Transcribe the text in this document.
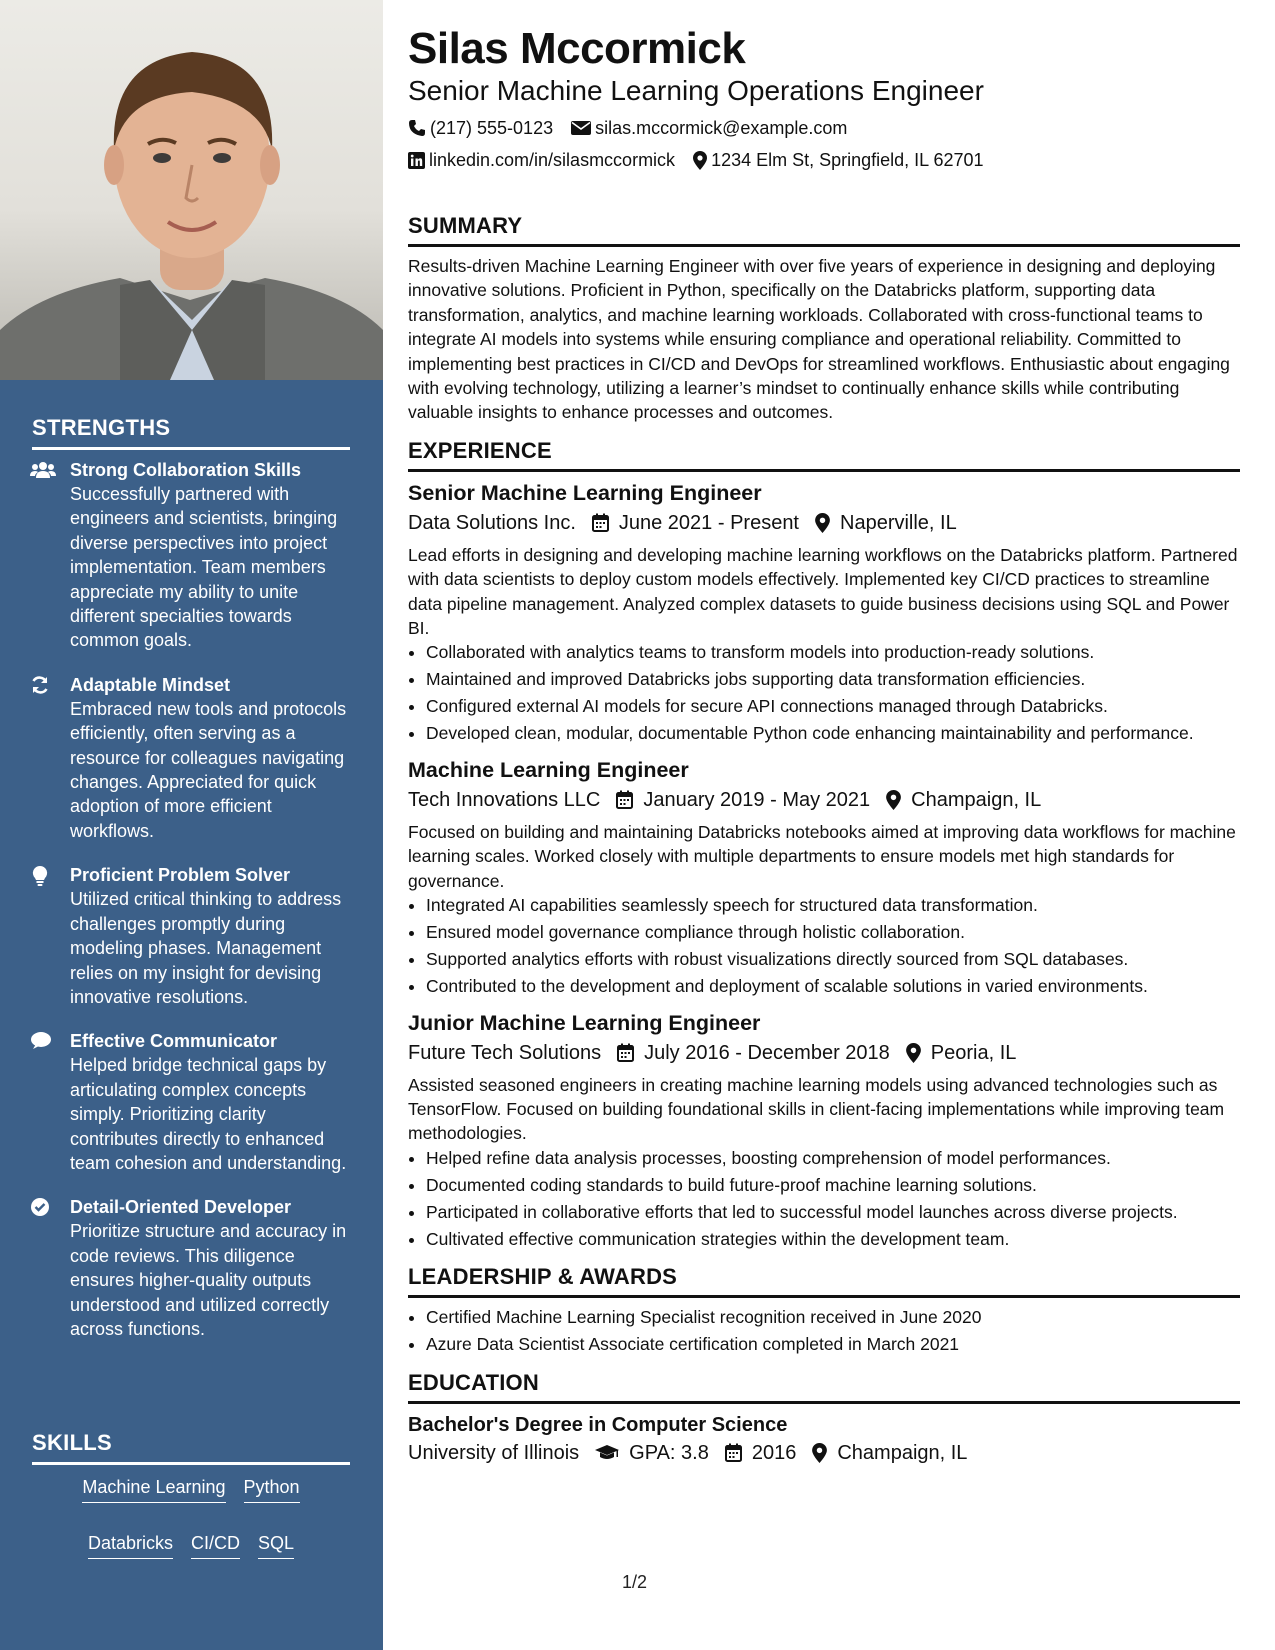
STRENGTHS
Strong Collaboration Skills
Successfully partnered with engineers and scientists, bringing diverse perspectives into project implementation. Team members appreciate my ability to unite different specialties towards common goals.
Adaptable Mindset
Embraced new tools and protocols efficiently, often serving as a resource for colleagues navigating changes. Appreciated for quick adoption of more efficient workflows.
Proficient Problem Solver
Utilized critical thinking to address challenges promptly during modeling phases. Management relies on my insight for devising innovative resolutions.
Effective Communicator
Helped bridge technical gaps by articulating complex concepts simply. Prioritizing clarity contributes directly to enhanced team cohesion and understanding.
Detail-Oriented Developer
Prioritize structure and accuracy in code reviews. This diligence ensures higher-quality outputs understood and utilized correctly across functions.
SKILLS
Machine Learning Python
Databricks CI/CD SQL
Silas Mccormick
Senior Machine Learning Operations Engineer
(217) 555-0123 silas.mccormick@example.com
linkedin.com/in/silasmccormick 1234 Elm St, Springfield, IL 62701
SUMMARY
Results-driven Machine Learning Engineer with over five years of experience in designing and deploying innovative solutions. Proficient in Python, specifically on the Databricks platform, supporting data transformation, analytics, and machine learning workloads. Collaborated with cross-functional teams to integrate AI models into systems while ensuring compliance and operational reliability. Committed to implementing best practices in CI/CD and DevOps for streamlined workflows. Enthusiastic about engaging with evolving technology, utilizing a learner’s mindset to continually enhance skills while contributing valuable insights to enhance processes and outcomes.
EXPERIENCE
Senior Machine Learning Engineer
Data Solutions Inc. June 2021 - Present Naperville, IL
Lead efforts in designing and developing machine learning workflows on the Databricks platform. Partnered with data scientists to deploy custom models effectively. Implemented key CI/CD practices to streamline data pipeline management. Analyzed complex datasets to guide business decisions using SQL and Power BI.
• Collaborated with analytics teams to transform models into production-ready solutions.
• Maintained and improved Databricks jobs supporting data transformation efficiencies.
• Configured external AI models for secure API connections managed through Databricks.
• Developed clean, modular, documentable Python code enhancing maintainability and performance.
Machine Learning Engineer
Tech Innovations LLC January 2019 - May 2021 Champaign, IL
Focused on building and maintaining Databricks notebooks aimed at improving data workflows for machine learning scales. Worked closely with multiple departments to ensure models met high standards for governance.
• Integrated AI capabilities seamlessly speech for structured data transformation.
• Ensured model governance compliance through holistic collaboration.
• Supported analytics efforts with robust visualizations directly sourced from SQL databases.
• Contributed to the development and deployment of scalable solutions in varied environments.
Junior Machine Learning Engineer
Future Tech Solutions July 2016 - December 2018 Peoria, IL
Assisted seasoned engineers in creating machine learning models using advanced technologies such as TensorFlow. Focused on building foundational skills in client-facing implementations while improving team methodologies.
• Helped refine data analysis processes, boosting comprehension of model performances.
• Documented coding standards to build future-proof machine learning solutions.
• Participated in collaborative efforts that led to successful model launches across diverse projects.
• Cultivated effective communication strategies within the development team.
LEADERSHIP & AWARDS
• Certified Machine Learning Specialist recognition received in June 2020
• Azure Data Scientist Associate certification completed in March 2021
EDUCATION
Bachelor's Degree in Computer Science
University of Illinois	GPA: 3.8 2016 Champaign, IL
1/2
